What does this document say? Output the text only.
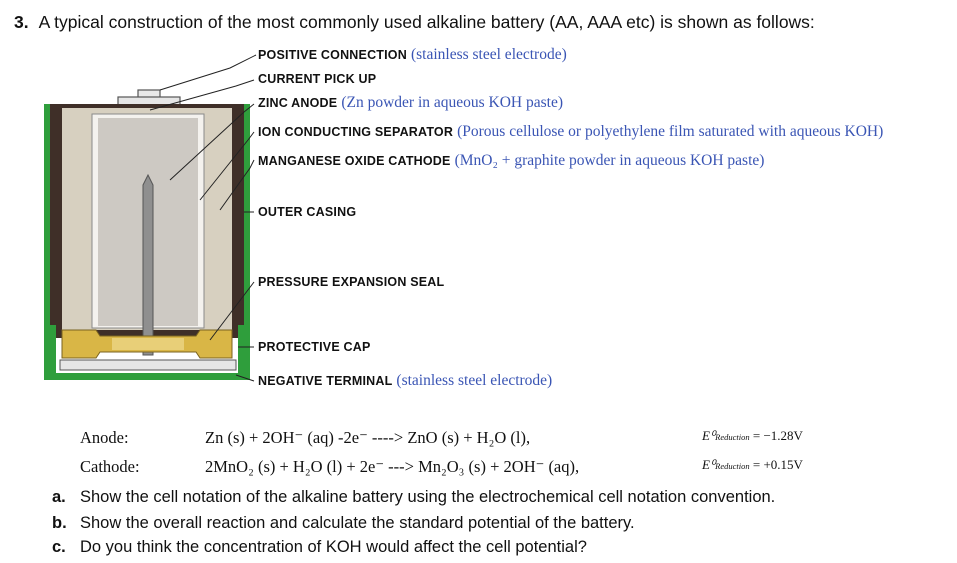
3. A typical construction of the most commonly used alkaline battery (AA, AAA etc) is shown as follows:
POSITIVE CONNECTION (stainless steel electrode)
CURRENT PICK UP
ZINC ANODE (Zn powder in aqueous KOH paste)
ION CONDUCTING SEPARATOR (Porous cellulose or polyethylene film saturated with aqueous KOH)
MANGANESE OXIDE CATHODE (MnO₂ + graphite powder in aqueous KOH paste)
OUTER CASING
PRESSURE EXPANSION SEAL
PROTECTIVE CAP
NEGATIVE TERMINAL (stainless steel electrode)
Anode:	Zn (s) + 2OH⁻ (aq) -2e⁻ ----> ZnO (s) + H₂O (l),	E⁰Reduction = −1.28V
Cathode:	2MnO₂ (s) + H₂O (l) + 2e⁻ ---> Mn₂O₃ (s) + 2OH⁻ (aq),	E⁰Reduction = +0.15V
a. Show the cell notation of the alkaline battery using the electrochemical cell notation convention.
b. Show the overall reaction and calculate the standard potential of the battery.
c. Do you think the concentration of KOH would affect the cell potential?
